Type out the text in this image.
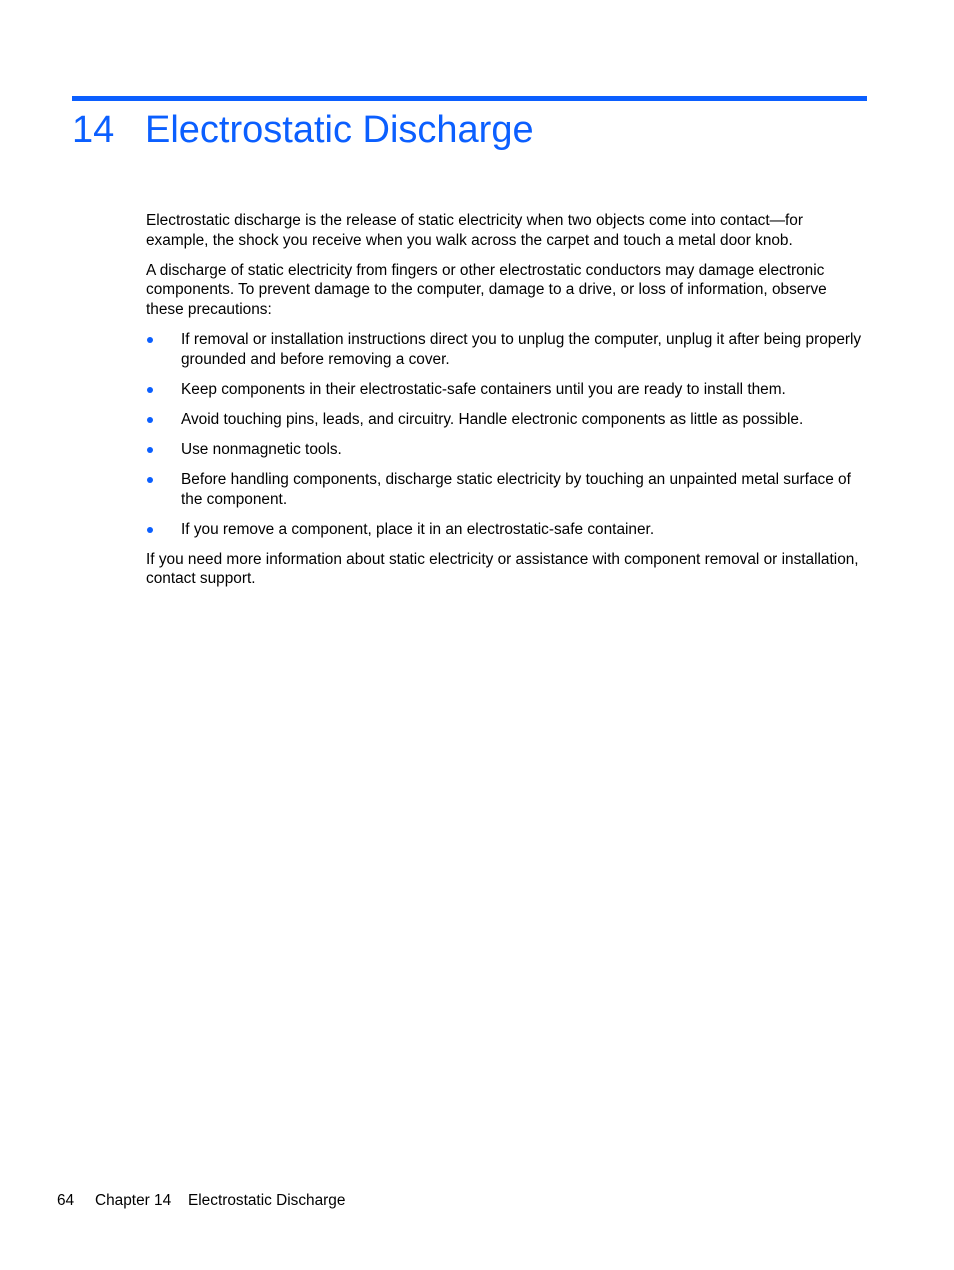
14 Electrostatic Discharge

Electrostatic discharge is the release of static electricity when two objects come into contact—for example, the shock you receive when you walk across the carpet and touch a metal door knob.

A discharge of static electricity from fingers or other electrostatic conductors may damage electronic components. To prevent damage to the computer, damage to a drive, or loss of information, observe these precautions:

If removal or installation instructions direct you to unplug the computer, unplug it after being properly grounded and before removing a cover.
Keep components in their electrostatic-safe containers until you are ready to install them.
Avoid touching pins, leads, and circuitry. Handle electronic components as little as possible.
Use nonmagnetic tools.
Before handling components, discharge static electricity by touching an unpainted metal surface of the component.
If you remove a component, place it in an electrostatic-safe container.

If you need more information about static electricity or assistance with component removal or installation, contact support.

64 Chapter 14 Electrostatic Discharge
